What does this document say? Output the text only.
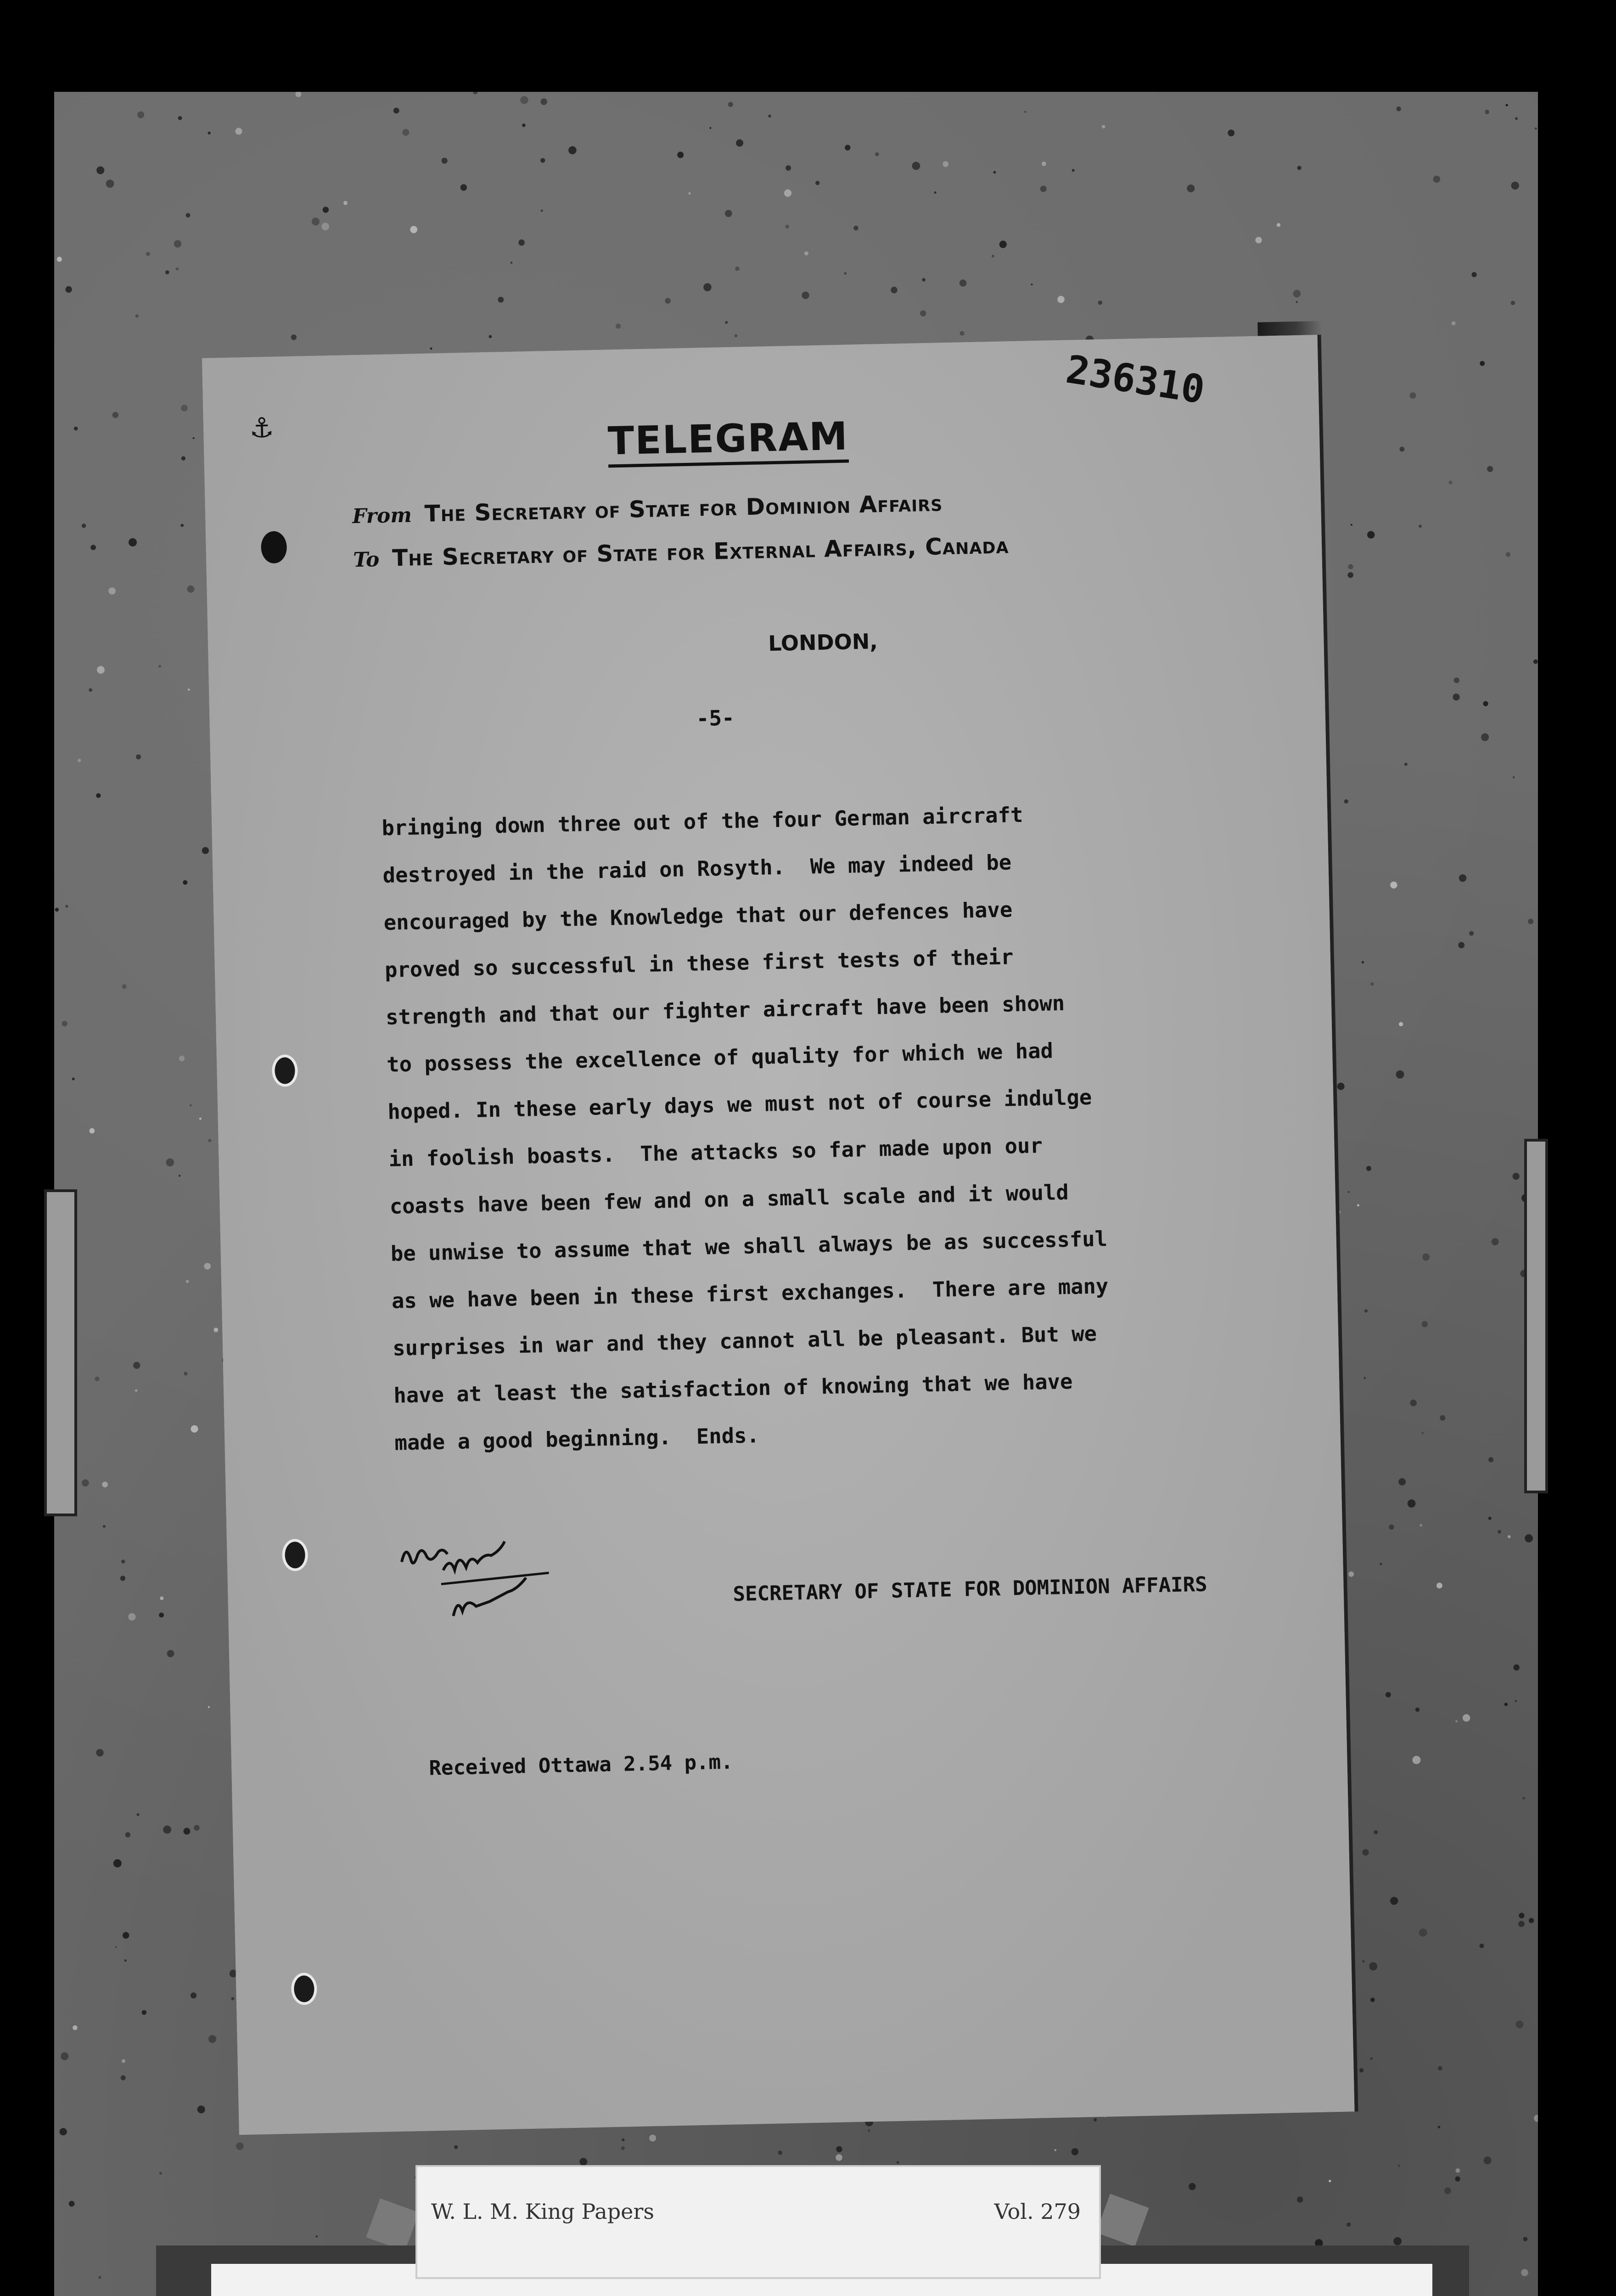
⚓
236310
TELEGRAM
From The Secretary of State for Dominion Affairs
To The Secretary of State for External Affairs, Canada
LONDON,
-5-
bringing down three out of the four German aircraft
destroyed in the raid on Rosyth.  We may indeed be
encouraged by the Knowledge that our defences have
proved so successful in these first tests of their
strength and that our fighter aircraft have been shown
to possess the excellence of quality for which we had
hoped. In these early days we must not of course indulge
in foolish boasts.  The attacks so far made upon our
coasts have been few and on a small scale and it would
be unwise to assume that we shall always be as successful
as we have been in these first exchanges.  There are many
surprises in war and they cannot all be pleasant. But we
have at least the satisfaction of knowing that we have
made a good beginning.  Ends.
SECRETARY OF STATE FOR DOMINION AFFAIRS
Received Ottawa 2.54 p.m.
W. L. M. King Papers	Vol. 279
